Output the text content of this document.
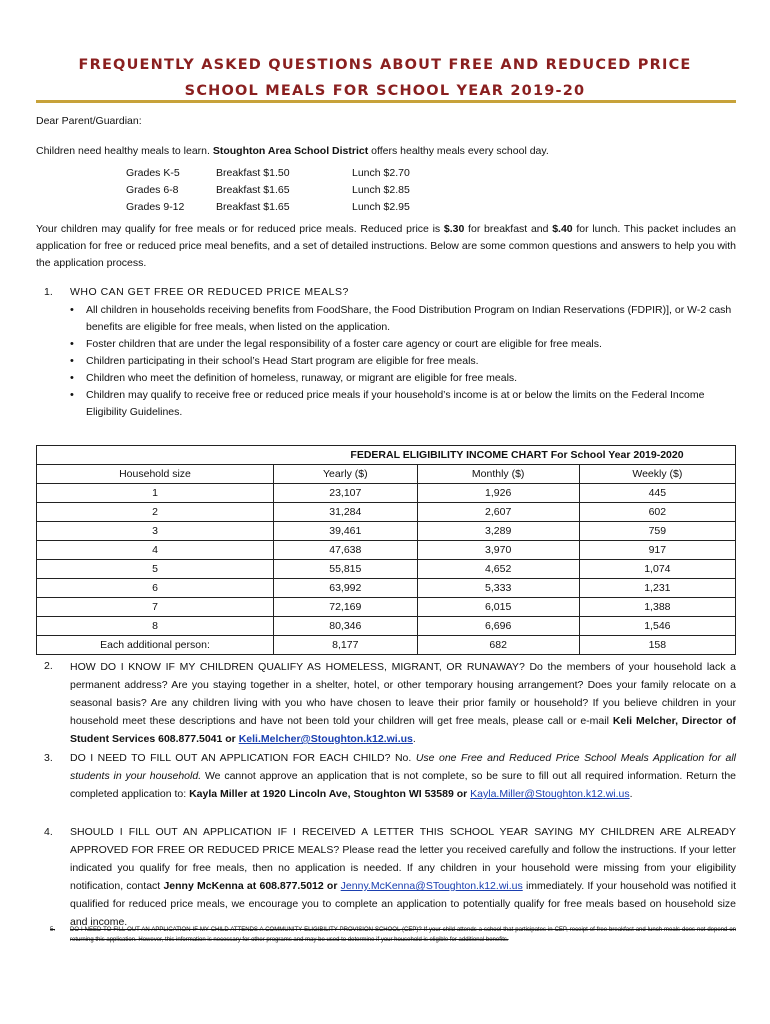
FREQUENTLY ASKED QUESTIONS ABOUT FREE AND REDUCED PRICE
SCHOOL MEALS FOR SCHOOL YEAR 2019-20
Dear Parent/Guardian:
Children need healthy meals to learn. Stoughton Area School District offers healthy meals every school day.
Grades K-5	Breakfast $1.50	Lunch $2.70
Grades 6-8	Breakfast $1.65	Lunch $2.85
Grades 9-12	Breakfast $1.65	Lunch $2.95
Your children may qualify for free meals or for reduced price meals. Reduced price is $.30 for breakfast and $.40 for lunch. This packet includes an application for free or reduced price meal benefits, and a set of detailed instructions. Below are some common questions and answers to help you with the application process.
1. WHO CAN GET FREE OR REDUCED PRICE MEALS?
• All children in households receiving benefits from FoodShare, the Food Distribution Program on Indian Reservations (FDPIR)], or W-2 cash benefits are eligible for free meals, when listed on the application.
• Foster children that are under the legal responsibility of a foster care agency or court are eligible for free meals.
• Children participating in their school’s Head Start program are eligible for free meals.
• Children who meet the definition of homeless, runaway, or migrant are eligible for free meals.
• Children may qualify to receive free or reduced price meals if your household’s income is at or below the limits on the Federal Income Eligibility Guidelines.
FEDERAL ELIGIBILITY INCOME CHART For School Year 2019-2020			
Household size	Yearly ($)	Monthly ($)	Weekly ($)
1	23,107	1,926	445
2	31,284	2,607	602
3	39,461	3,289	759
4	47,638	3,970	917
5	55,815	4,652	1,074
6	63,992	5,333	1,231
7	72,169	6,015	1,388
8	80,346	6,696	1,546
Each additional person:	8,177	682	158
2. HOW DO I KNOW IF MY CHILDREN QUALIFY AS HOMELESS, MIGRANT, OR RUNAWAY? Do the members of your household lack a permanent address? Are you staying together in a shelter, hotel, or other temporary housing arrangement? Does your family relocate on a seasonal basis? Are any children living with you who have chosen to leave their prior family or household? If you believe children in your household meet these descriptions and have not been told your children will get free meals, please call or e-mail Keli Melcher, Director of Student Services 608.877.5041 or Keli.Melcher@Stoughton.k12.wi.us.
3. DO I NEED TO FILL OUT AN APPLICATION FOR EACH CHILD? No. Use one Free and Reduced Price School Meals Application for all students in your household. We cannot approve an application that is not complete, so be sure to fill out all required information. Return the completed application to: Kayla Miller at 1920 Lincoln Ave, Stoughton WI 53589 or Kayla.Miller@Stoughton.k12.wi.us.
4. SHOULD I FILL OUT AN APPLICATION IF I RECEIVED A LETTER THIS SCHOOL YEAR SAYING MY CHILDREN ARE ALREADY APPROVED FOR FREE OR REDUCED PRICE MEALS? Please read the letter you received carefully and follow the instructions. If your letter indicated you qualify for free meals, then no application is needed. If any children in your household were missing from your eligibility notification, contact Jenny McKenna at 608.877.5012 or Jenny.McKenna@SToughton.k12.wi.us immediately. If your household was notified it qualified for reduced price meals, we encourage you to complete an application to potentially qualify for free meals based on household size and income.
5. DO I NEED TO FILL OUT AN APPLICATION IF MY CHILD ATTENDS A COMMUNITY ELIGIBILITY PROVISION SCHOOL (CEP)? If your child attends a school that participates in CEP, receipt of free breakfast and lunch meals does not depend on returning this application. However, this information is necessary for other programs and may be used to determine if your household is eligible for additional benefits.
